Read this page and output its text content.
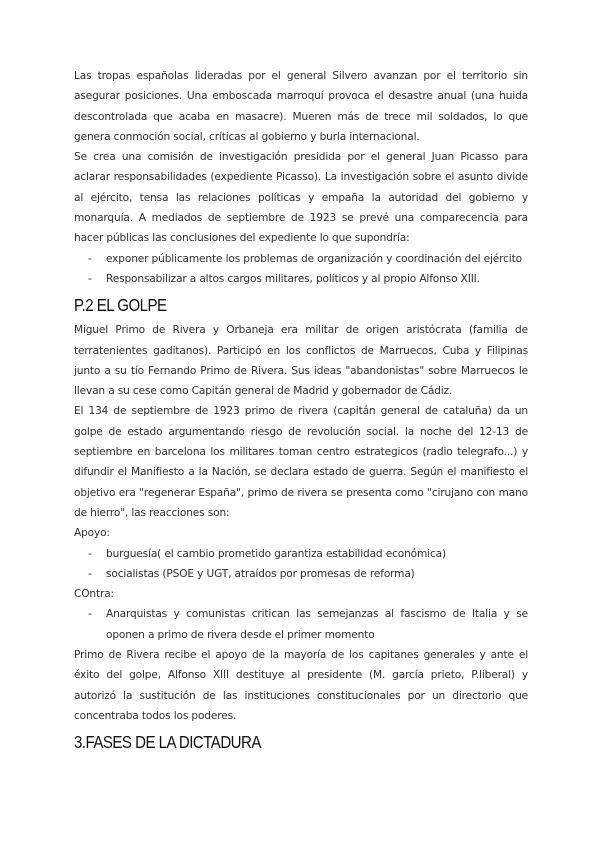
Las tropas españolas lideradas por el general Silvero avanzan por el territorio sin asegurar posiciones. Una emboscada marroquí provoca el desastre anual (una huida descontrolada que acaba en masacre). Mueren más de trece mil soldados, lo que genera conmoción social, críticas al gobierno y burla internacional.

Se crea una comisión de investigación presidida por el general Juan Picasso para aclarar responsabilidades (expediente Picasso). La investigación sobre el asunto divide al ejército, tensa las relaciones políticas y empaña la autoridad del gobierno y monarquía. A mediados de septiembre de 1923 se prevé una comparecencia para hacer públicas las conclusiones del expediente lo que supondría:

- exponer públicamente los problemas de organización y coordinación del ejército
- Responsabilizar a altos cargos militares, políticos y al propio Alfonso XIII.
P.2 EL GOLPE

Miguel Primo de Rivera y Orbaneja era militar de origen aristócrata (familia de terratenientes gaditanos). Participó en los conflictos de Marruecos, Cuba y Filipinas junto a su tío Fernando Primo de Rivera. Sus ideas "abandonistas" sobre Marruecos le llevan a su cese como Capitán general de Madrid y gobernador de Cádiz.

El 134 de septiembre de 1923 primo de rivera (capitán general de cataluña) da un golpe de estado argumentando riesgo de revolución social. la noche del 12-13 de septiembre en barcelona los militares toman centro estrategicos (radio telegrafo...) y difundir el Manifiesto a la Nación, se declara estado de guerra. Según el manifiesto el objetivo era "regenerar España", primo de rivera se presenta como "cirujano con mano de hierro", las reacciones son:

Apoyo:

- burguesía( el cambio prometido garantiza estabilidad económica)
- socialistas (PSOE y UGT, atraídos por promesas de reforma)

COntra:

- Anarquistas y comunistas critican las semejanzas al fascismo de Italia y se oponen a primo de rivera desde el primer momento

Primo de Rivera recibe el apoyo de la mayoría de los capitanes generales y ante el éxito del golpe, Alfonso XIII destituye al presidente (M. garcía prieto, P.liberal) y autorizó la sustitución de las instituciones constitucionales por un directorio que concentraba todos los poderes.

3.FASES DE LA DICTADURA
